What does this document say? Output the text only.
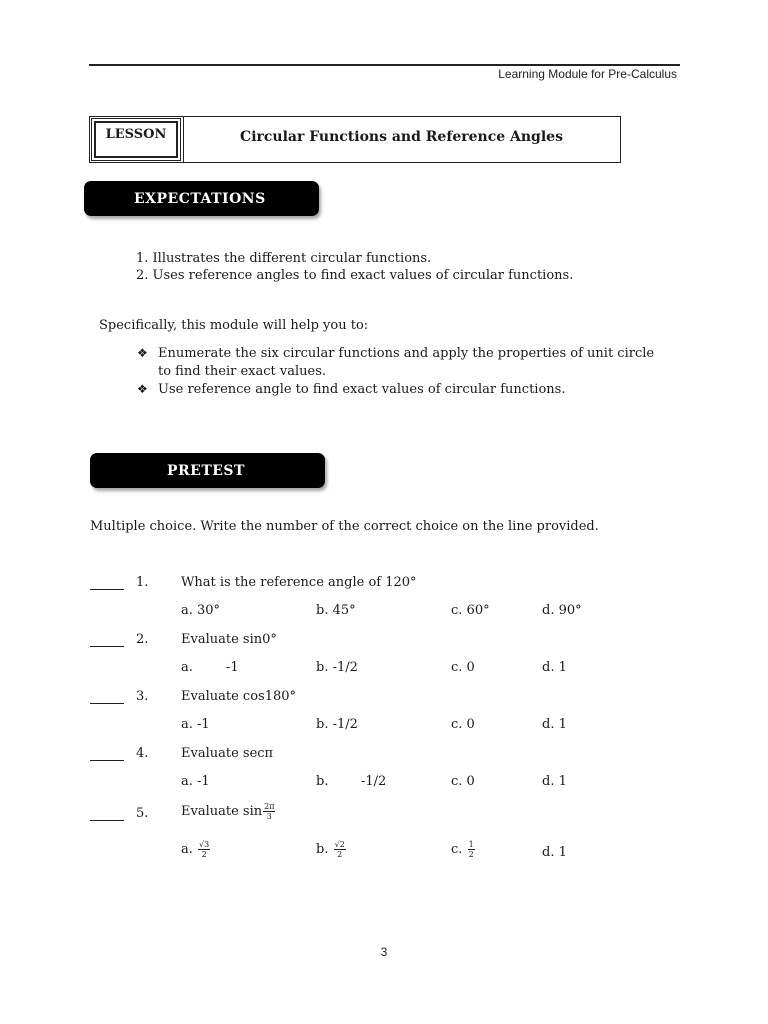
Learning Module for Pre-Calculus
LESSON	Circular Functions and Reference Angles
EXPECTATIONS
1. Illustrates the different circular functions.
2. Uses reference angles to find exact values of circular functions.
Specifically, this module will help you to:
❖ Enumerate the six circular functions and apply the properties of unit circle
to find their exact values.
❖ Use reference angle to find exact values of circular functions.
PRETEST
Multiple choice. Write the number of the correct choice on the line provided.
1.	What is the reference angle of 120°
a. 30°	b. 45°	c. 60°	d. 90°
2.	Evaluate sin0°
a.	-1	b. -1/2	c. 0	d. 1
3.	Evaluate cos180°
a. -1	b. -1/2	c. 0	d. 1
4.	Evaluate secπ
a. -1	b.	-1/2	c. 0	d. 1
5.	Evaluate $\sin \frac{2\pi}{3}$
a. $\frac{√3}{2}$	b. $\frac{√2}{2}$	c. $\frac{1}{2}$	d. 1
3
